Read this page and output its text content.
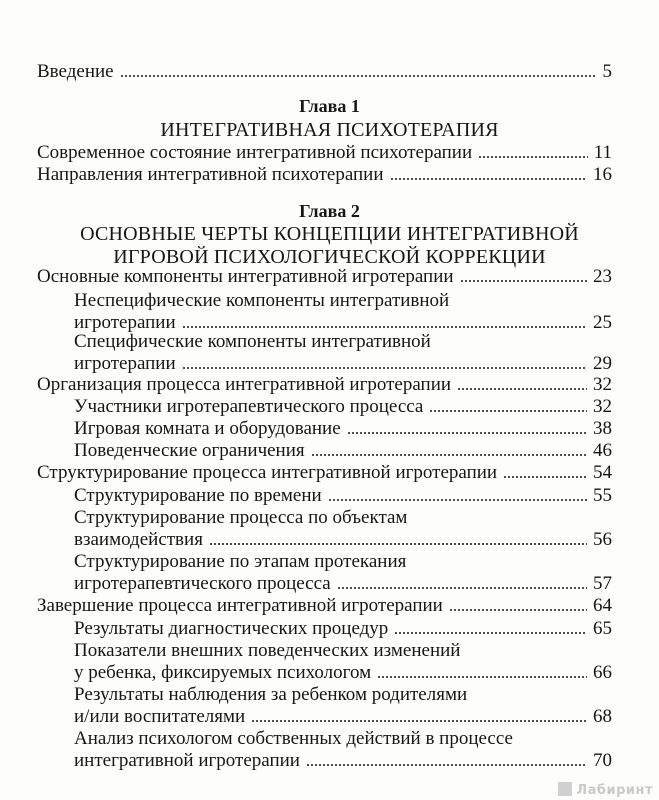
Глава 1
ИНТЕГРАТИВНАЯ ПСИХОТЕРАПИЯ
Глава 2
ОСНОВНЫЕ ЧЕРТЫ КОНЦЕПЦИИ ИНТЕГРАТИВНОЙ
ИГРОВОЙ ПСИХОЛОГИЧЕСКОЙ КОРРЕКЦИИ
Введение	5
Современное состояние интегративной психотерапии	11
Направления интегративной психотерапии	16
Основные компоненты интегративной игротерапии	23
Неспецифические компоненты интегративной
игротерапии	25
Специфические компоненты интегративной
игротерапии	29
Организация процесса интегративной игротерапии	32
Участники игротерапевтического процесса	32
Игровая комната и оборудование	38
Поведенческие ограничения	46
Структурирование процесса интегративной игротерапии	54
Структурирование по времени	55
Структурирование процесса по объектам
взаимодействия	56
Структурирование по этапам протекания
игротерапевтического процесса	57
Завершение процесса интегративной игротерапии	64
Результаты диагностических процедур	65
Показатели внешних поведенческих изменений
у ребенка, фиксируемых психологом	66
Результаты наблюдения за ребенком родителями
и/или воспитателями	68
Анализ психологом собственных действий в процессе
интегративной игротерапии	70
Лабиринт
